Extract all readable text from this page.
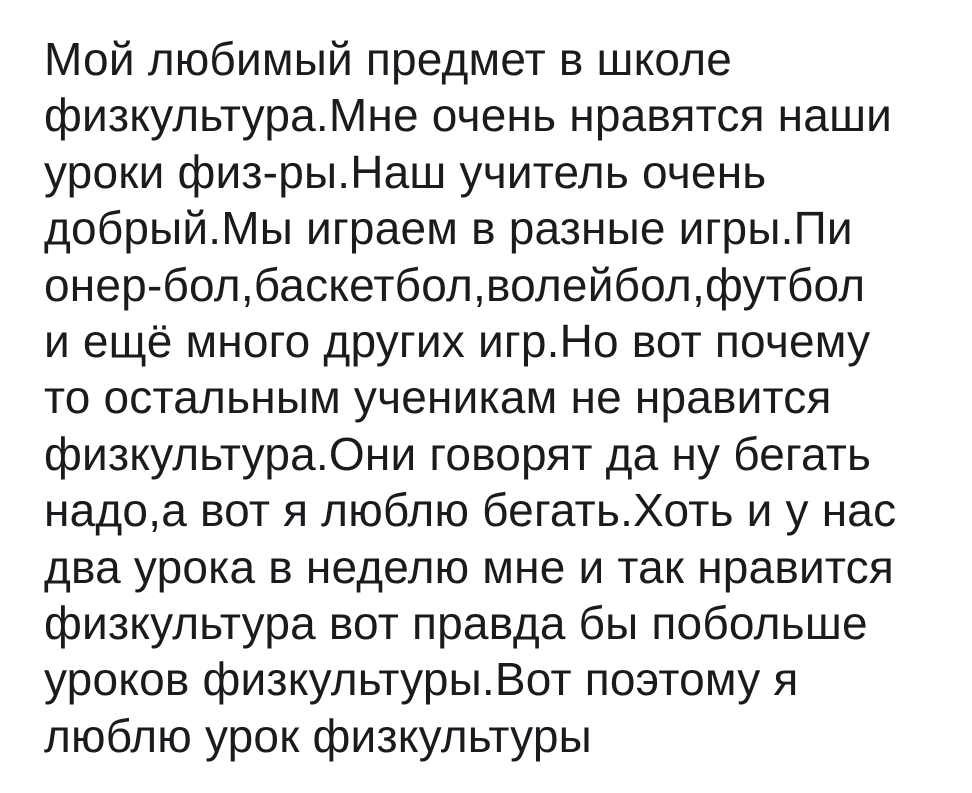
Мой любимый предмет в школе
физкультура.Мне очень нравятся наши
уроки физ-ры.Наш учитель очень
добрый.Мы играем в разные игры.Пи
онер-бол,баскетбол,волейбол,футбол
и ещё много других игр.Но вот почему
то остальным ученикам не нравится
физкультура.Они говорят да ну бегать
надо,а вот я люблю бегать.Хоть и у нас
два урока в неделю мне и так нравится
физкультура вот правда бы побольше
уроков физкультуры.Вот поэтому я
люблю урок физкультуры
